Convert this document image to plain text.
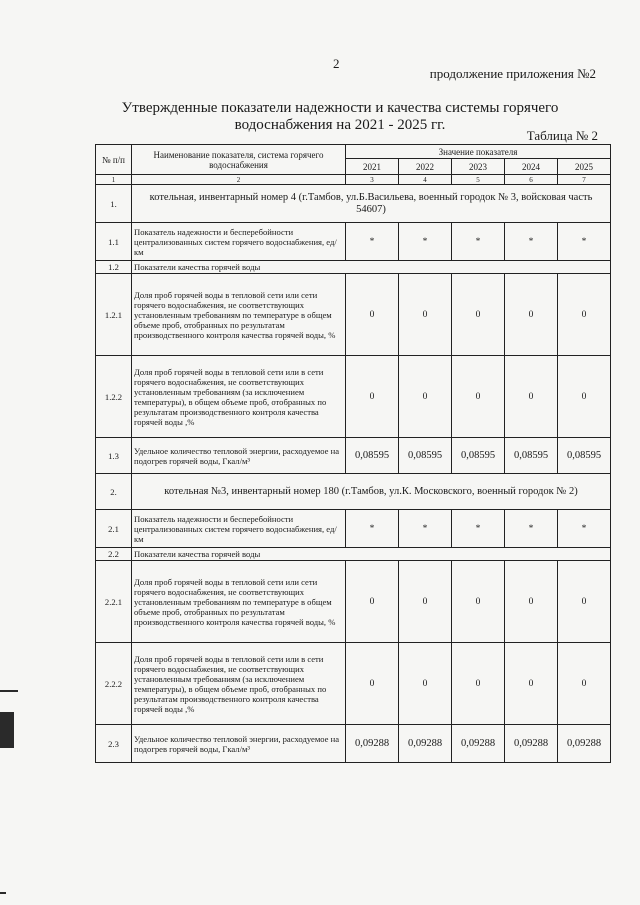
2
продолжение приложения №2
Утвержденные показатели надежности и качества системы горячего водоснабжения на 2021 - 2025 гг.
Таблица № 2
№ п/п	Наименование показателя, система горячего водоснабжения	Значение показателя				
		2021	2022	2023	2024	2025
1	2	3	4	5	6	7
1.	котельная, инвентарный номер 4 (г.Тамбов, ул.Б.Васильева, военный городок № 3, войсковая часть 54607)					
1.1	Показатель надежности и бесперебойности централизованных систем горячего водоснабжения, ед/км	*	*	*	*	*
1.2	Показатели качества горячей воды					
1.2.1	Доля проб горячей воды в тепловой сети или сети горячего водоснабжения, не соответствующих установленным требованиям по температуре в общем объеме проб, отобранных по результатам производственного контроля качества горячей воды, %	0	0	0	0	0
1.2.2	Доля проб горячей воды в тепловой сети или в сети горячего водоснабжения, не соответствующих установленным требованиям (за исключением температуры), в общем объеме проб, отобранных по результатам производственного контроля качества горячей воды ,%	0	0	0	0	0
1.3	Удельное количество тепловой энергии, расходуемое на подогрев горячей воды, Гкал/м³	0,08595	0,08595	0,08595	0,08595	0,08595
2.	котельная №3, инвентарный номер 180 (г.Тамбов, ул.К. Московского, военный городок № 2)					
2.1	Показатель надежности и бесперебойности централизованных систем горячего водоснабжения, ед/км	*	*	*	*	*
2.2	Показатели качества горячей воды					
2.2.1	Доля проб горячей воды в тепловой сети или сети горячего водоснабжения, не соответствующих установленным требованиям по температуре в общем объеме проб, отобранных по результатам производственного контроля качества горячей воды, %	0	0	0	0	0
2.2.2	Доля проб горячей воды в тепловой сети или в сети горячего водоснабжения, не соответствующих установленным требованиям (за исключением температуры), в общем объеме проб, отобранных по результатам производственного контроля качества горячей воды ,%	0	0	0	0	0
2.3	Удельное количество тепловой энергии, расходуемое на подогрев горячей воды, Гкал/м³	0,09288	0,09288	0,09288	0,09288	0,09288
